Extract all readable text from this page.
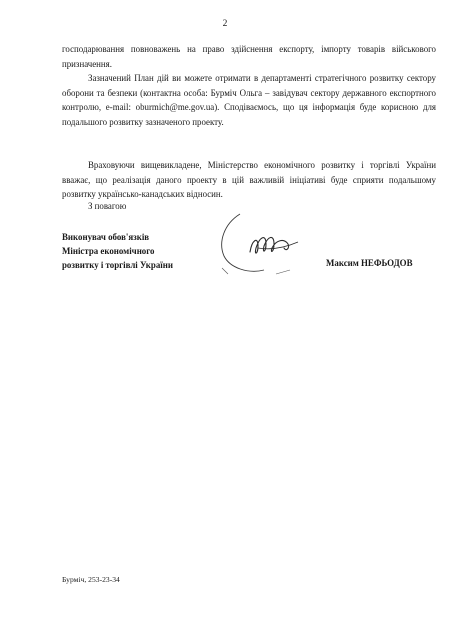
2

господарювання повноважень на право здійснення експорту, імпорту товарів військового призначення.

Зазначений План дій ви можете отримати в департаменті стратегічного розвитку сектору оборони та безпеки (контактна особа: Бурміч Ольга – завідувач сектору державного експортного контролю, e-mail: oburmich@me.gov.ua). Сподіваємось, що ця інформація буде корисною для подальшого розвитку зазначеного проекту.

Враховуючи вищевикладене, Міністерство економічного розвитку і торгівлі України вважає, що реалізація даного проекту в цій важливій ініціативі буде сприяти подальшому розвитку українсько-канадських відносин.

З повагою
Виконувач обов'язків
Міністра економічного
розвитку і торгівлі України	Максим НЕФЬОДОВ
Бурміч, 253-23-34
